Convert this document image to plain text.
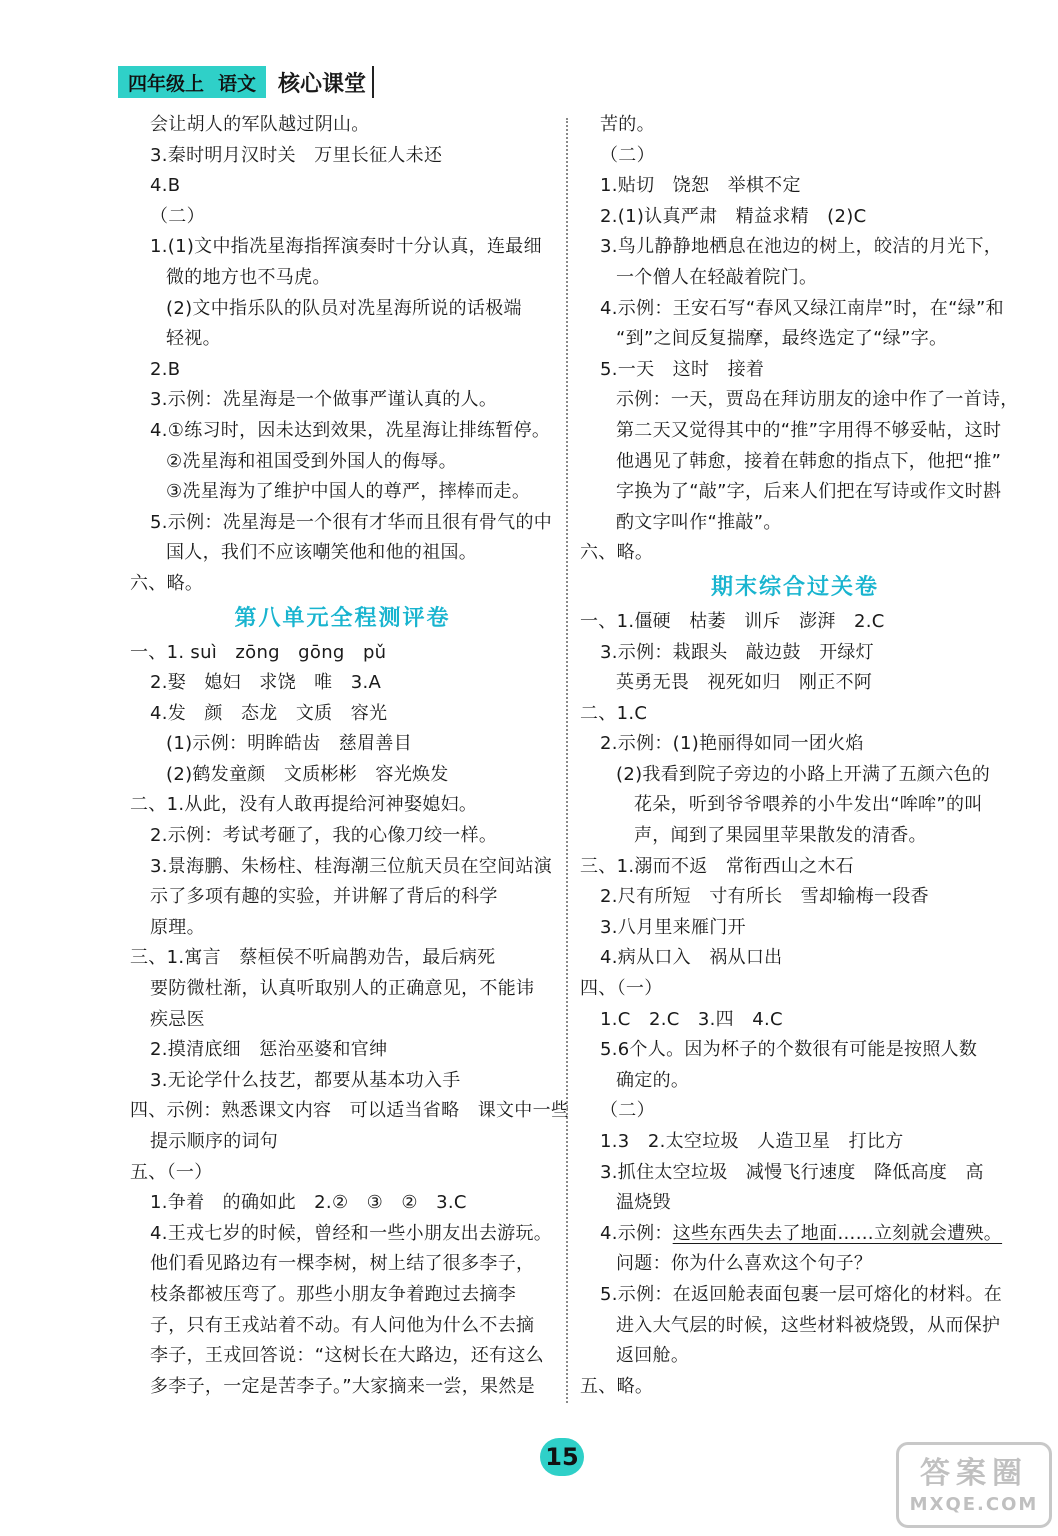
四年级上 语文	核心课堂
会让胡人的军队越过阴山。
3.秦时明月汉时关　万里长征人未还
4.B
（二）
1.(1)文中指冼星海指挥演奏时十分认真，连最细
微的地方也不马虎。
(2)文中指乐队的队员对冼星海所说的话极端
轻视。
2.B
3.示例：冼星海是一个做事严谨认真的人。
4.①练习时，因未达到效果，冼星海让排练暂停。
②冼星海和祖国受到外国人的侮辱。
③冼星海为了维护中国人的尊严，摔棒而走。
5.示例：冼星海是一个很有才华而且很有骨气的中
国人，我们不应该嘲笑他和他的祖国。
六、略。
第八单元全程测评卷
一、1. suì　zōng　gōng　pǔ
2.娶　媳妇　求饶　唯　3.A
4.发　颜　态龙　文质　容光
(1)示例：明眸皓齿　慈眉善目
(2)鹤发童颜　文质彬彬　容光焕发
二、1.从此，没有人敢再提给河神娶媳妇。
2.示例：考试考砸了，我的心像刀绞一样。
3.景海鹏、朱杨柱、桂海潮三位航天员在空间站演
示了多项有趣的实验，并讲解了背后的科学
原理。
三、1.寓言　蔡桓侯不听扁鹊劝告，最后病死
要防微杜渐，认真听取别人的正确意见，不能讳
疾忌医
2.摸清底细　惩治巫婆和官绅
3.无论学什么技艺，都要从基本功入手
四、示例：熟悉课文内容　可以适当省略　课文中一些
提示顺序的词句
五、（一）
1.争着　的确如此　2.②　③　②　3.C
4.王戎七岁的时候，曾经和一些小朋友出去游玩。
他们看见路边有一棵李树，树上结了很多李子，
枝条都被压弯了。那些小朋友争着跑过去摘李
子，只有王戎站着不动。有人问他为什么不去摘
李子，王戎回答说：“这树长在大路边，还有这么
多李子，一定是苦李子。”大家摘来一尝，果然是
苦的。
（二）
1.贴切　饶恕　举棋不定
2.(1)认真严肃　精益求精　(2)C
3.鸟儿静静地栖息在池边的树上，皎洁的月光下，
一个僧人在轻敲着院门。
4.示例：王安石写“春风又绿江南岸”时，在“绿”和
“到”之间反复揣摩，最终选定了“绿”字。
5.一天　这时　接着
示例：一天，贾岛在拜访朋友的途中作了一首诗，
第二天又觉得其中的“推”字用得不够妥帖，这时
他遇见了韩愈，接着在韩愈的指点下，他把“推”
字换为了“敲”字，后来人们把在写诗或作文时斟
酌文字叫作“推敲”。
六、略。
期末综合过关卷
一、1.僵硬　枯萎　训斥　澎湃　2.C
3.示例：栽跟头　敲边鼓　开绿灯
英勇无畏　视死如归　刚正不阿
二、1.C
2.示例：(1)艳丽得如同一团火焰
(2)我看到院子旁边的小路上开满了五颜六色的
花朵，听到爷爷喂养的小牛发出“哞哞”的叫
声，闻到了果园里苹果散发的清香。
三、1.溺而不返　常衔西山之木石
2.尺有所短　寸有所长　雪却输梅一段香
3.八月里来雁门开
4.病从口入　祸从口出
四、（一）
1.C　2.C　3.四　4.C
5.6个人。因为杯子的个数很有可能是按照人数
确定的。
（二）
1.3　2.太空垃圾　人造卫星　打比方
3.抓住太空垃圾　减慢飞行速度　降低高度　高
温烧毁
4.示例：这些东西失去了地面……立刻就会遭殃。
问题：你为什么喜欢这个句子？
5.示例：在返回舱表面包裹一层可熔化的材料。在
进入大气层的时候，这些材料被烧毁，从而保护
返回舱。
五、略。
15	答案圈
MXQE.COM
